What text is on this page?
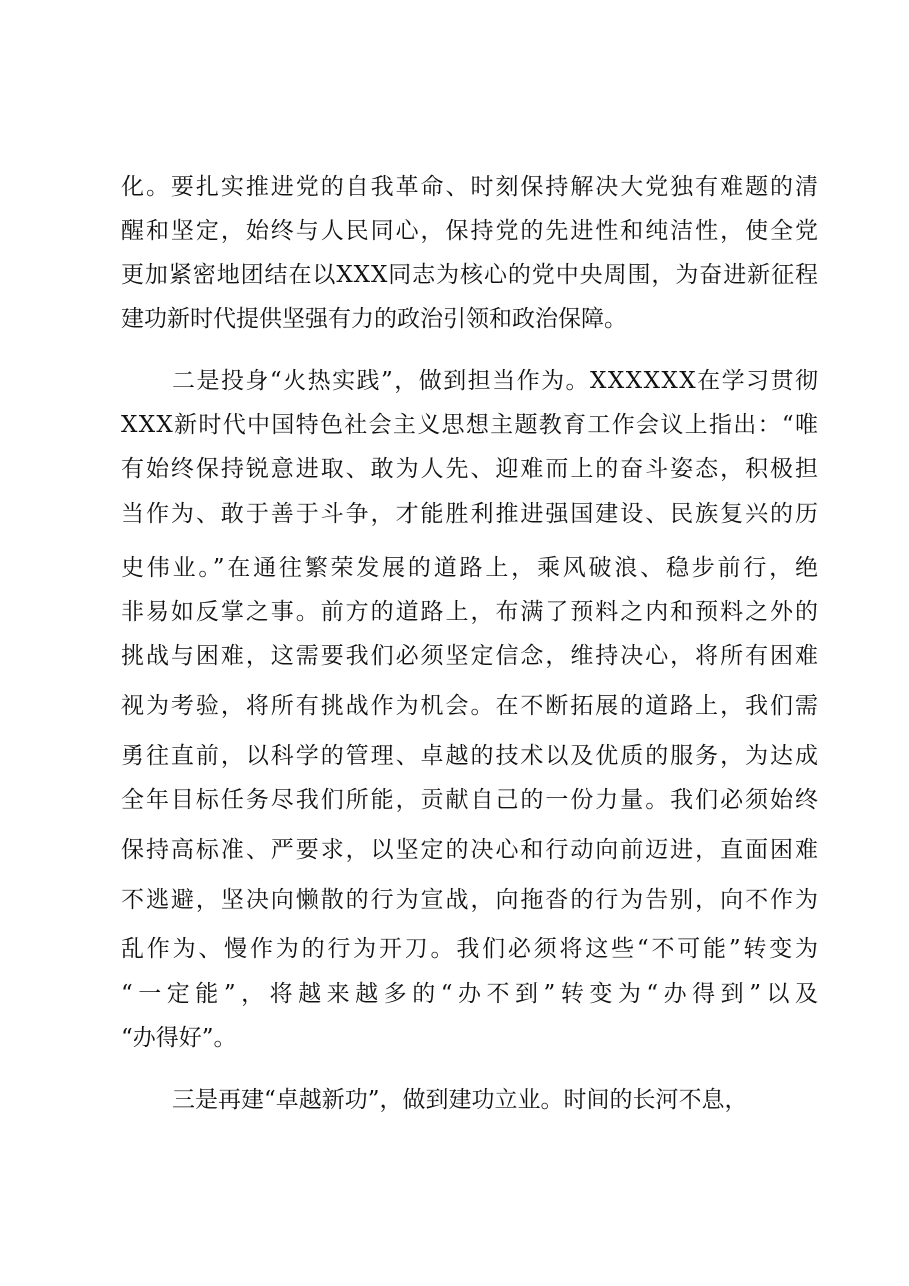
化。要扎实推进党的自我革命、时刻保持解决大党独有难题的清
醒和坚定，始终与人民同心，保持党的先进性和纯洁性，使全党
更加紧密地团结在以XXX同志为核心的党中央周围，为奋进新征程
建功新时代提供坚强有力的政治引领和政治保障。
二是投身“火热实践”，做到担当作为。XXXXXX在学习贯彻
XXX新时代中国特色社会主义思想主题教育工作会议上指出：“唯
有始终保持锐意进取、敢为人先、迎难而上的奋斗姿态，积极担
当作为、敢于善于斗争，才能胜利推进强国建设、民族复兴的历
史伟业。”在通往繁荣发展的道路上，乘风破浪、稳步前行，绝
非易如反掌之事。前方的道路上，布满了预料之内和预料之外的
挑战与困难，这需要我们必须坚定信念，维持决心，将所有困难
视为考验，将所有挑战作为机会。在不断拓展的道路上，我们需
勇往直前，以科学的管理、卓越的技术以及优质的服务，为达成
全年目标任务尽我们所能，贡献自己的一份力量。我们必须始终
保持高标准、严要求，以坚定的决心和行动向前迈进，直面困难
不逃避，坚决向懒散的行为宣战，向拖沓的行为告别，向不作为
乱作为、慢作为的行为开刀。我们必须将这些“不可能”转变为
“一定能”，将越来越多的“办不到”转变为“办得到”以及
“办得好”。
三是再建“卓越新功”，做到建功立业。时间的长河不息，
